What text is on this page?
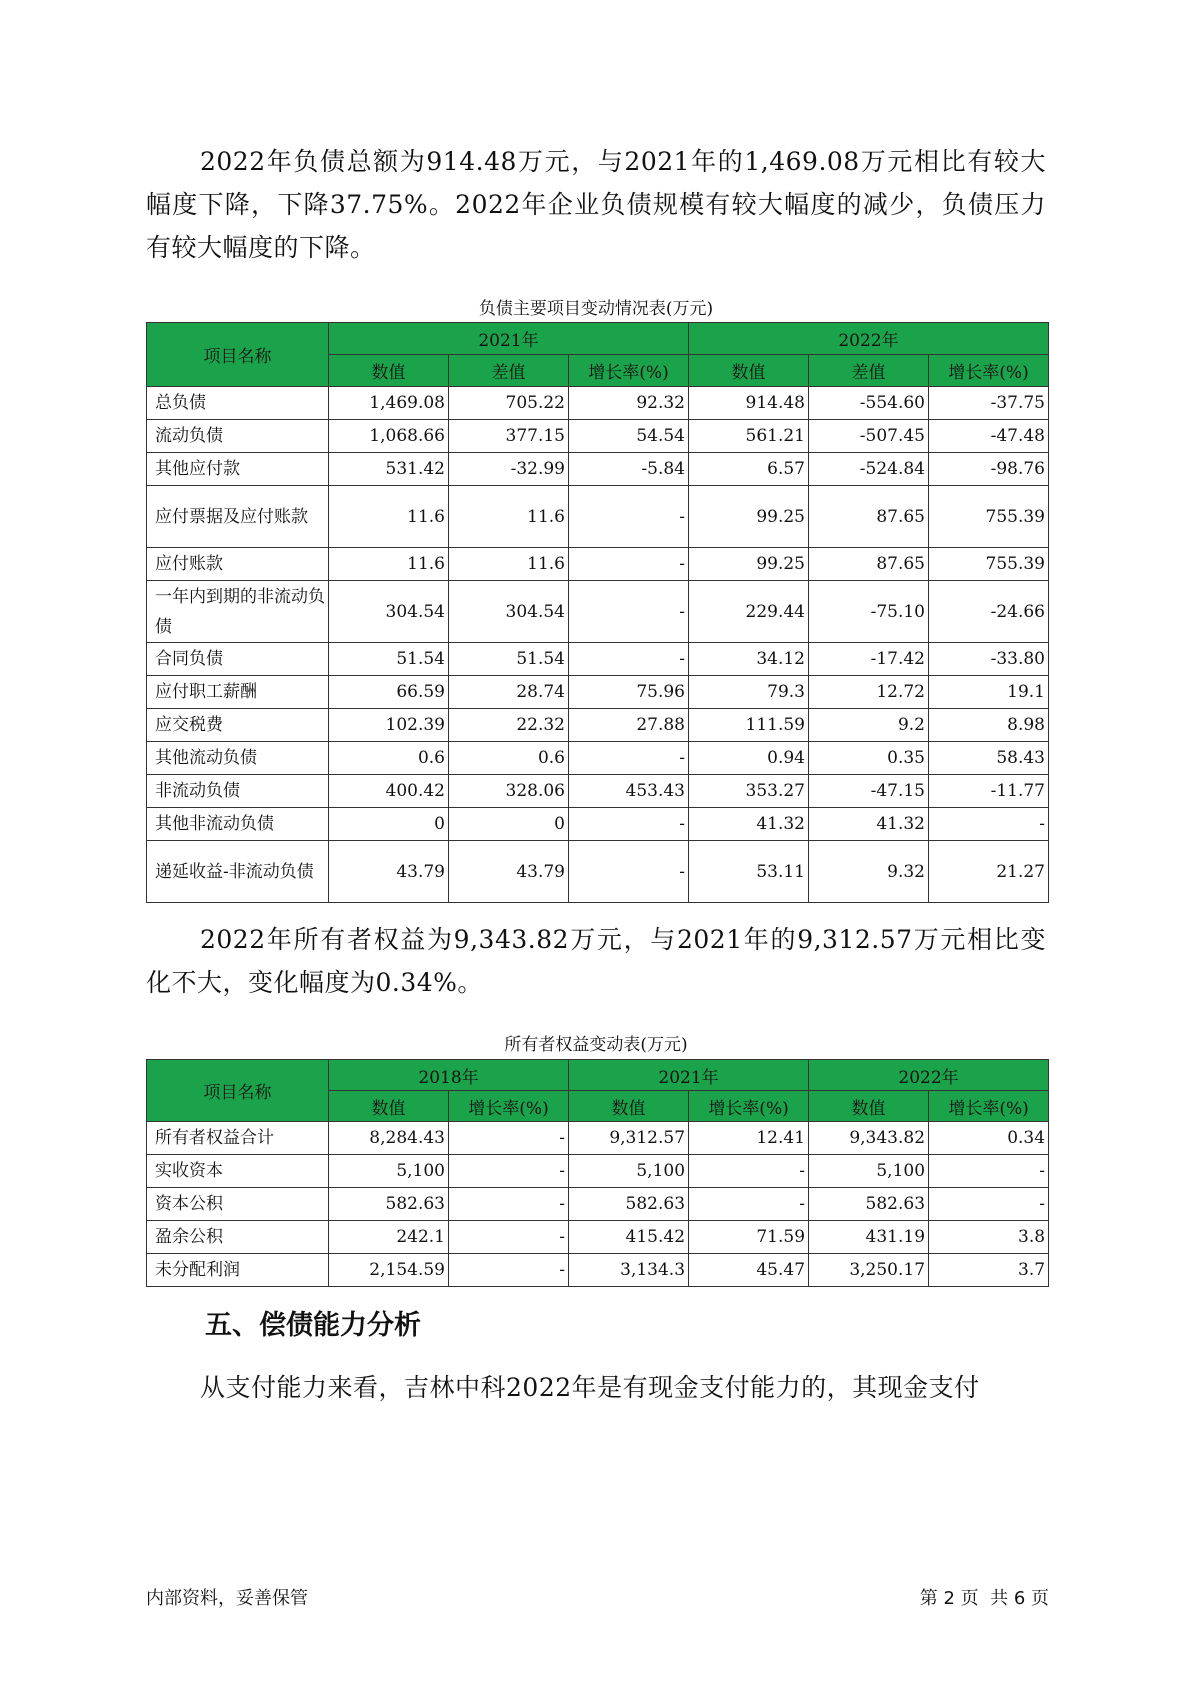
2022年负债总额为914.48万元，与2021年的1,469.08万元相比有较大幅度下降，下降37.75%。2022年企业负债规模有较大幅度的减少，负债压力有较大幅度的下降。

负债主要项目变动情况表(万元)
项目名称	2021年			2022年		
	数值	差值	增长率(%)	数值	差值	增长率(%)
总负债	1,469.08	705.22	92.32	914.48	-554.60	-37.75
流动负债	1,068.66	377.15	54.54	561.21	-507.45	-47.48
其他应付款	531.42	-32.99	-5.84	6.57	-524.84	-98.76
应付票据及应付账款	11.6	11.6	-	99.25	87.65	755.39
应付账款	11.6	11.6	-	99.25	87.65	755.39
一年内到期的非流动负债	304.54	304.54	-	229.44	-75.10	-24.66
合同负债	51.54	51.54	-	34.12	-17.42	-33.80
应付职工薪酬	66.59	28.74	75.96	79.3	12.72	19.1
应交税费	102.39	22.32	27.88	111.59	9.2	8.98
其他流动负债	0.6	0.6	-	0.94	0.35	58.43
非流动负债	400.42	328.06	453.43	353.27	-47.15	-11.77
其他非流动负债	0	0	-	41.32	41.32	-
递延收益-非流动负债	43.79	43.79	-	53.11	9.32	21.27

2022年所有者权益为9,343.82万元，与2021年的9,312.57万元相比变化不大，变化幅度为0.34%。

所有者权益变动表(万元)
项目名称	2018年		2021年		2022年	
	数值	增长率(%)	数值	增长率(%)	数值	增长率(%)
所有者权益合计	8,284.43	-	9,312.57	12.41	9,343.82	0.34
实收资本	5,100	-	5,100	-	5,100	-
资本公积	582.63	-	582.63	-	582.63	-
盈余公积	242.1	-	415.42	71.59	431.19	3.8
未分配利润	2,154.59	-	3,134.3	45.47	3,250.17	3.7
五、偿债能力分析

从支付能力来看，吉林中科2022年是有现金支付能力的，其现金支付

内部资料，妥善保管	第 2 页  共 6 页
